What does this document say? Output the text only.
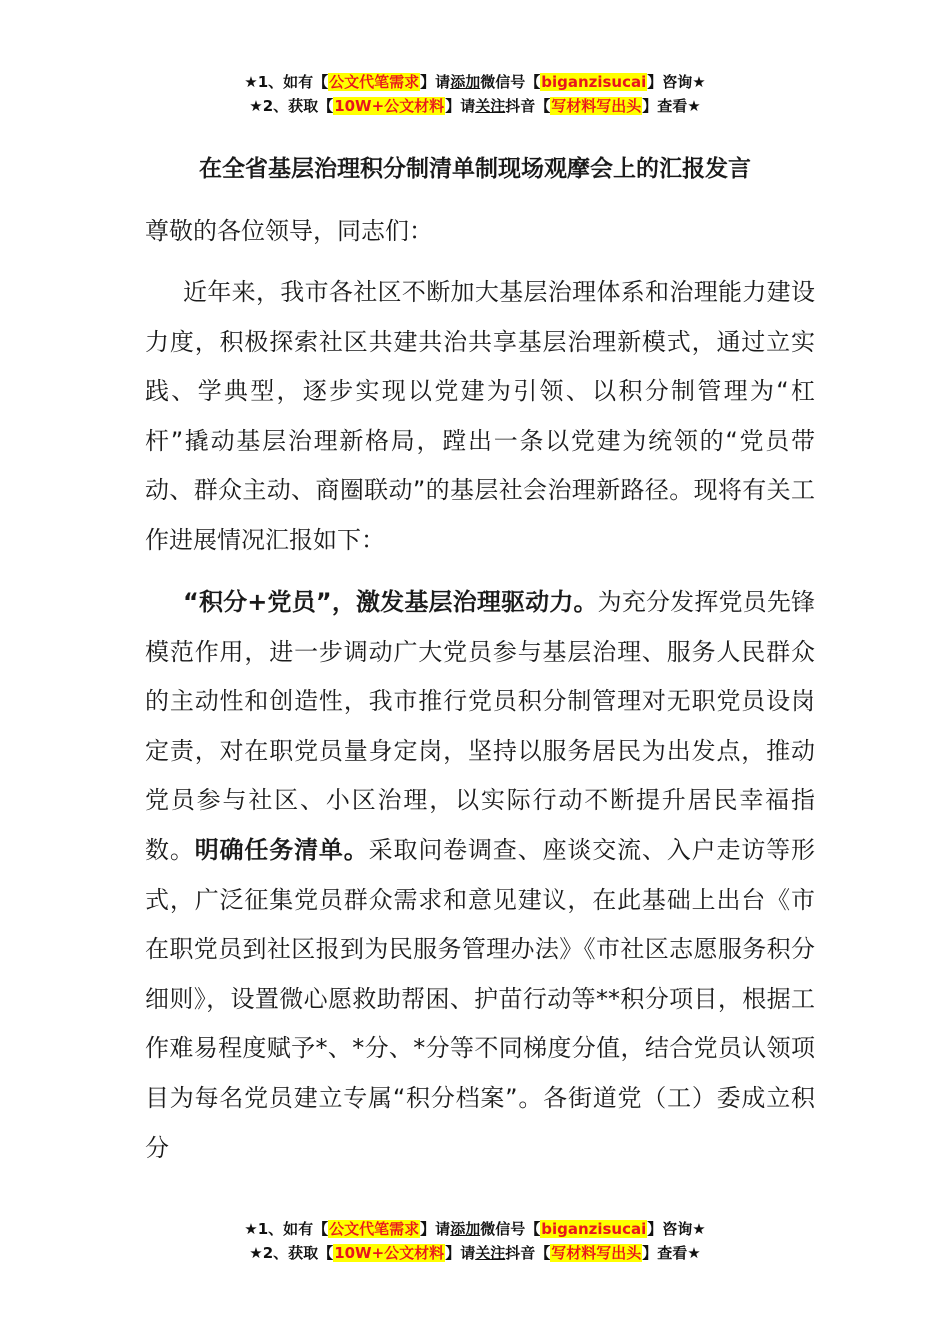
★1、如有【公文代笔需求】请添加微信号【biganzisucai】咨询★
★2、获取【10W+公文材料】请关注抖音【写材料写出头】查看★
在全省基层治理积分制清单制现场观摩会上的汇报发言
尊敬的各位领导，同志们：
近年来，我市各社区不断加大基层治理体系和治理能力建设力度，积极探索社区共建共治共享基层治理新模式，通过立实践、学典型，逐步实现以党建为引领、以积分制管理为“杠杆”撬动基层治理新格局，蹚出一条以党建为统领的“党员带动、群众主动、商圈联动”的基层社会治理新路径。现将有关工作进展情况汇报如下：
“积分+党员”，激发基层治理驱动力。为充分发挥党员先锋模范作用，进一步调动广大党员参与基层治理、服务人民群众的主动性和创造性，我市推行党员积分制管理对无职党员设岗定责，对在职党员量身定岗，坚持以服务居民为出发点，推动党员参与社区、小区治理，以实际行动不断提升居民幸福指数。明确任务清单。采取问卷调查、座谈交流、入户走访等形式，广泛征集党员群众需求和意见建议，在此基础上出台《市在职党员到社区报到为民服务管理办法》《市社区志愿服务积分细则》，设置微心愿救助帮困、护苗行动等**积分项目，根据工作难易程度赋予*、*分、*分等不同梯度分值，结合党员认领项目为每名党员建立专属“积分档案”。各街道党（工）委成立积分
★1、如有【公文代笔需求】请添加微信号【biganzisucai】咨询★
★2、获取【10W+公文材料】请关注抖音【写材料写出头】查看★
